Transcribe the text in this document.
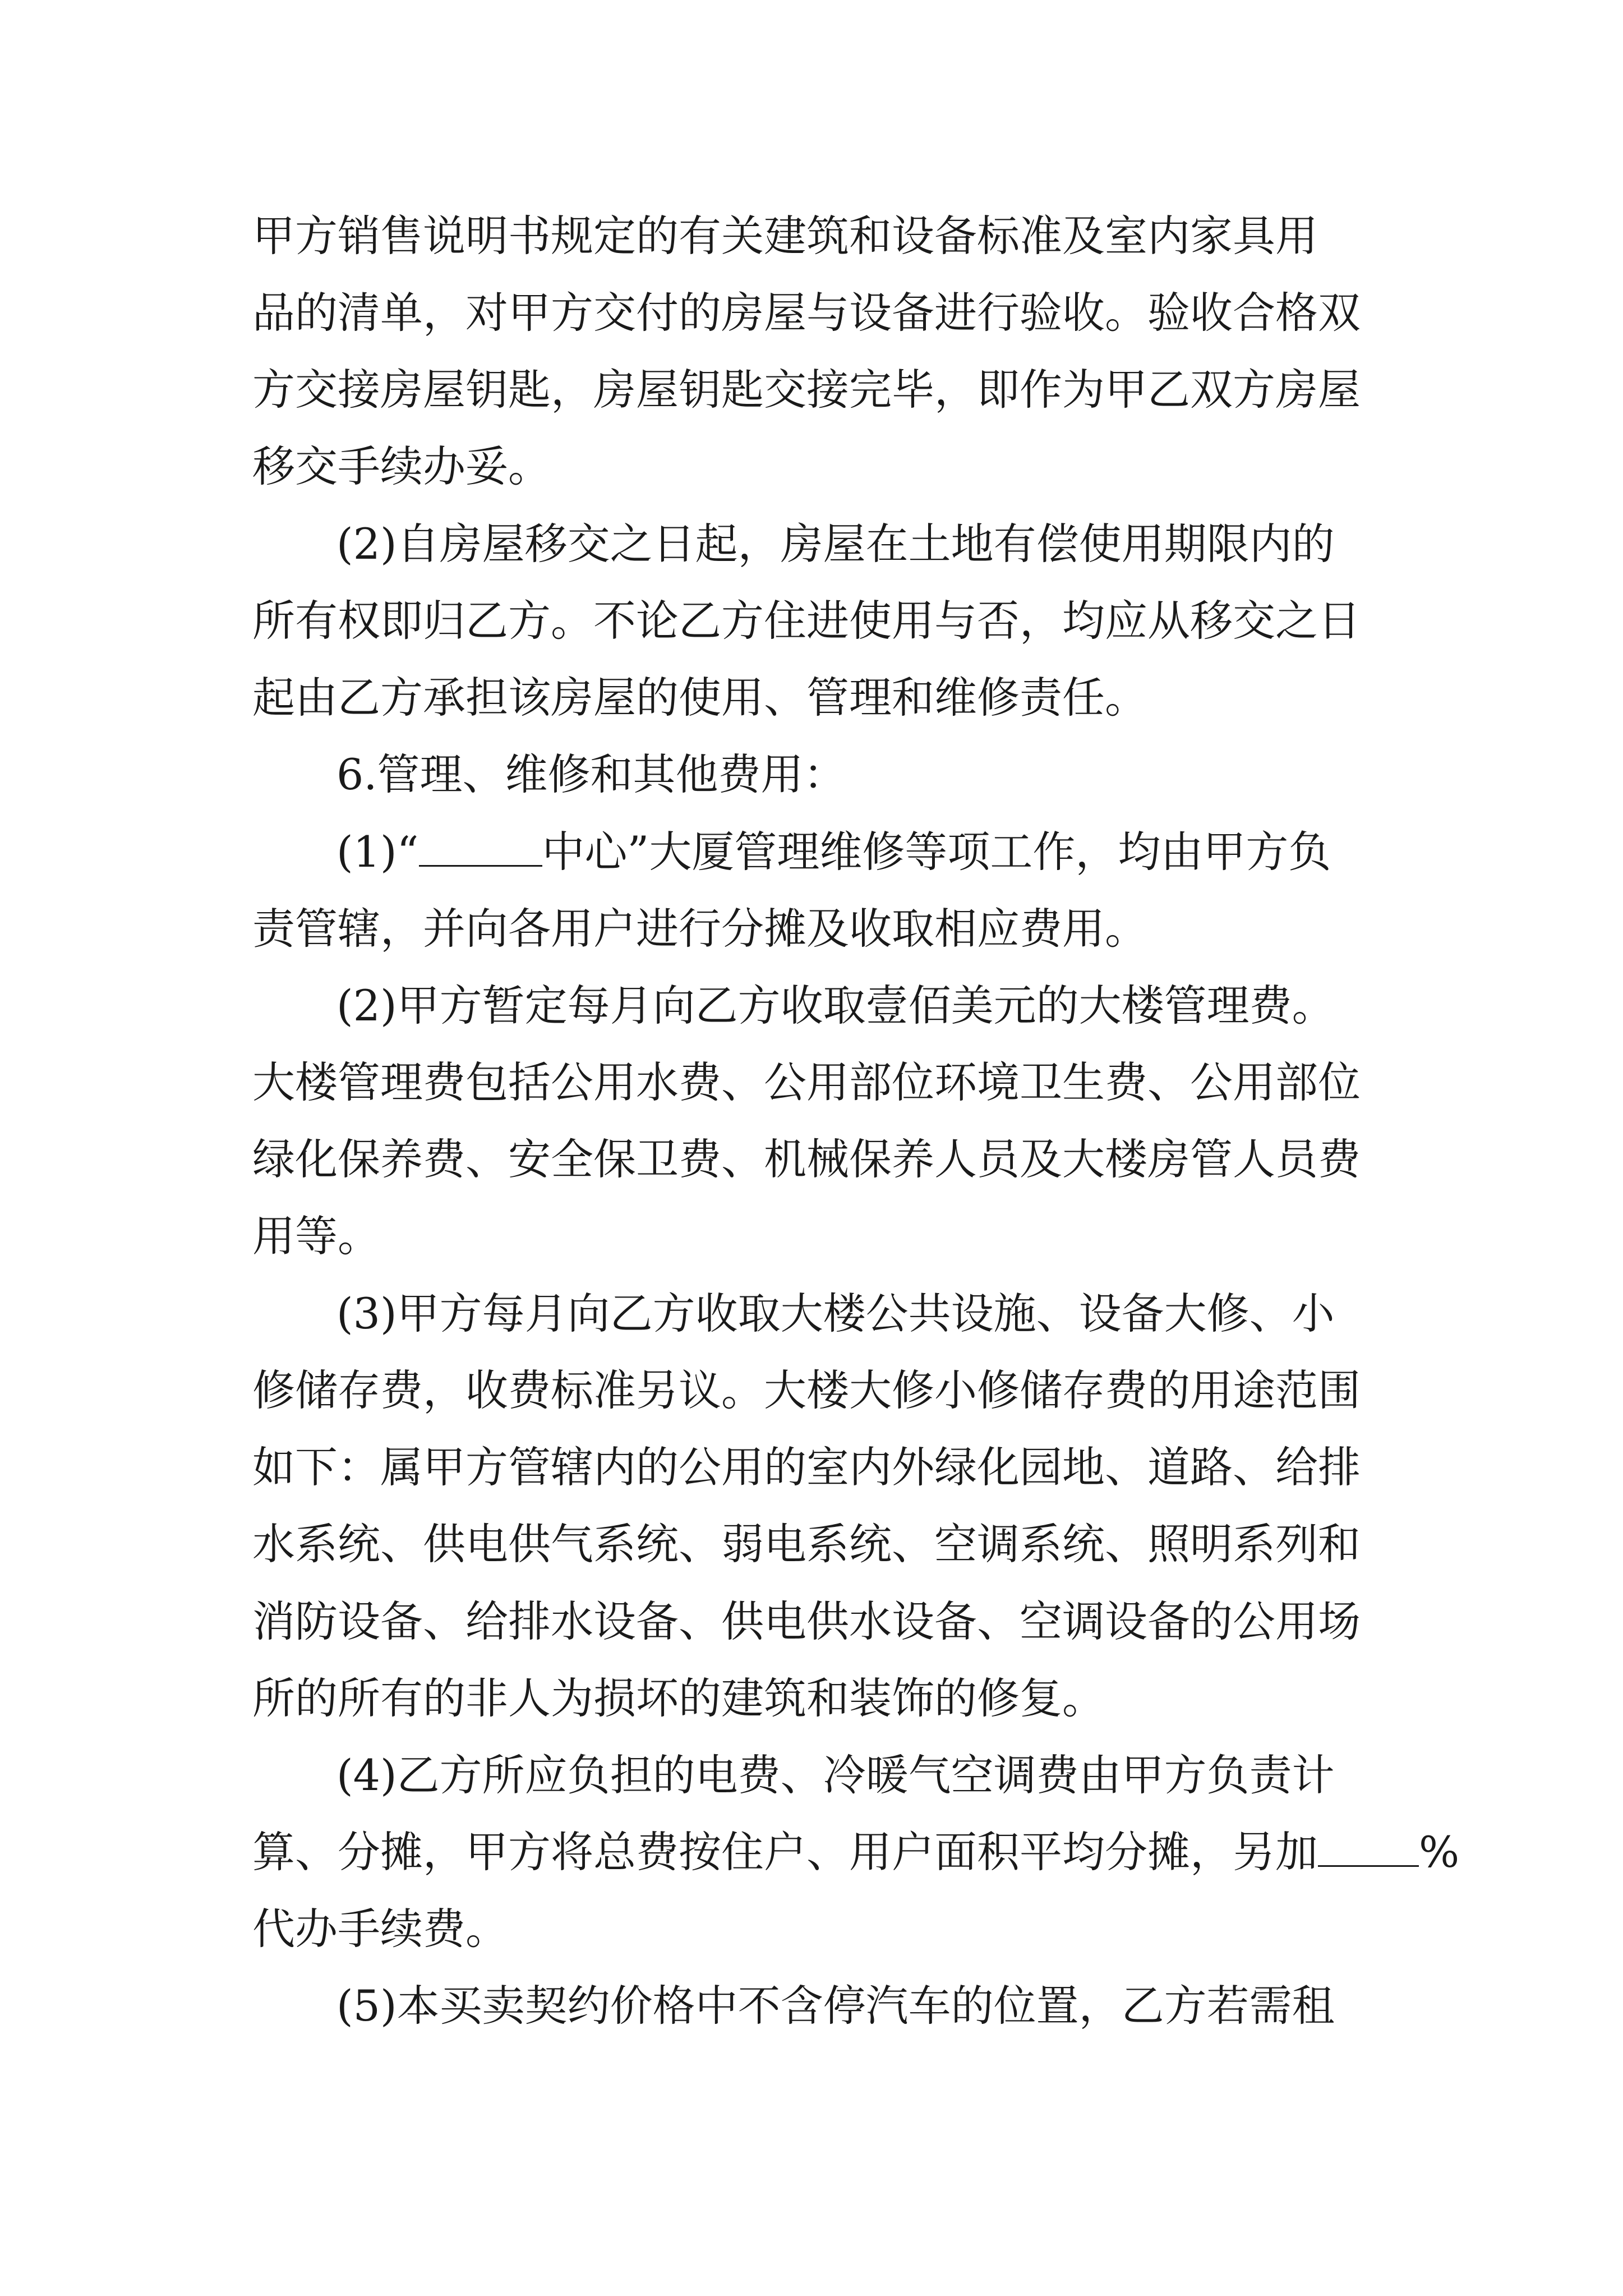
甲方销售说明书规定的有关建筑和设备标准及室内家具用
品的清单，对甲方交付的房屋与设备进行验收。验收合格双
方交接房屋钥匙，房屋钥匙交接完毕，即作为甲乙双方房屋
移交手续办妥。
(2)自房屋移交之日起，房屋在土地有偿使用期限内的
所有权即归乙方。不论乙方住进使用与否，均应从移交之日
起由乙方承担该房屋的使用、管理和维修责任。
6.管理、维修和其他费用：
(1)“	中心”大厦管理维修等项工作，均由甲方负
责管辖，并向各用户进行分摊及收取相应费用。
(2)甲方暂定每月向乙方收取壹佰美元的大楼管理费。
大楼管理费包括公用水费、公用部位环境卫生费、公用部位
绿化保养费、安全保卫费、机械保养人员及大楼房管人员费
用等。
(3)甲方每月向乙方收取大楼公共设施、设备大修、小
修储存费，收费标准另议。大楼大修小修储存费的用途范围
如下：属甲方管辖内的公用的室内外绿化园地、道路、给排
水系统、供电供气系统、弱电系统、空调系统、照明系列和
消防设备、给排水设备、供电供水设备、空调设备的公用场
所的所有的非人为损坏的建筑和装饰的修复。
(4)乙方所应负担的电费、冷暖气空调费由甲方负责计
算、分摊，甲方将总费按住户、用户面积平均分摊，另加 %
代办手续费。
(5)本买卖契约价格中不含停汽车的位置，乙方若需租
